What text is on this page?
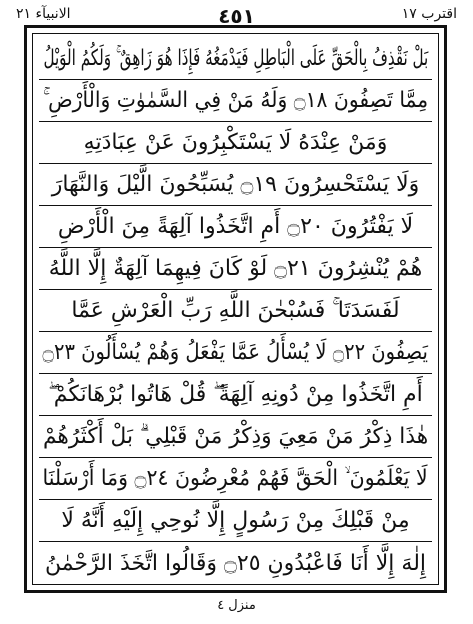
الانبيآء ٢١	٤٥١	اقترب ١٧
بَلْ نَقْذِفُ بِالْحَقِّ عَلَى الْبَاطِلِ فَيَدْمَغُهُ فَإِذَا هُوَ زَاهِقٌ ۚ وَلَكُمُ الْوَيْلُ
مِمَّا تَصِفُونَ ۝١٨ وَلَهُ مَنْ فِي السَّمٰوٰتِ وَالْأَرْضِ ۚ
وَمَنْ عِنْدَهُ لَا يَسْتَكْبِرُونَ عَنْ عِبَادَتِهِ
وَلَا يَسْتَحْسِرُونَ ۝١٩ يُسَبِّحُونَ الَّيْلَ وَالنَّهَارَ
لَا يَفْتُرُونَ ۝٢٠ أَمِ اتَّخَذُوا آلِهَةً مِنَ الْأَرْضِ
هُمْ يُنْشِرُونَ ۝٢١ لَوْ كَانَ فِيهِمَا آلِهَةٌ إِلَّا اللَّهُ
لَفَسَدَتَا ۚ فَسُبْحٰنَ اللَّهِ رَبِّ الْعَرْشِ عَمَّا
يَصِفُونَ ۝٢٢ لَا يُسْأَلُ عَمَّا يَفْعَلُ وَهُمْ يُسْأَلُونَ ۝٢٣
أَمِ اتَّخَذُوا مِنْ دُونِهِ آلِهَةً ۖ قُلْ هَاتُوا بُرْهَانَكُمْ ۖ
هٰذَا ذِكْرُ مَنْ مَعِيَ وَذِكْرُ مَنْ قَبْلِي ۗ بَلْ أَكْثَرُهُمْ
لَا يَعْلَمُونَ ۙ الْحَقَّ فَهُمْ مُعْرِضُونَ ۝٢٤ وَمَا أَرْسَلْنَا
مِنْ قَبْلِكَ مِنْ رَسُولٍ إِلَّا نُوحِي إِلَيْهِ أَنَّهُ لَا
إِلٰهَ إِلَّا أَنَا فَاعْبُدُونِ ۝٢٥ وَقَالُوا اتَّخَذَ الرَّحْمٰنُ
منزل ٤
